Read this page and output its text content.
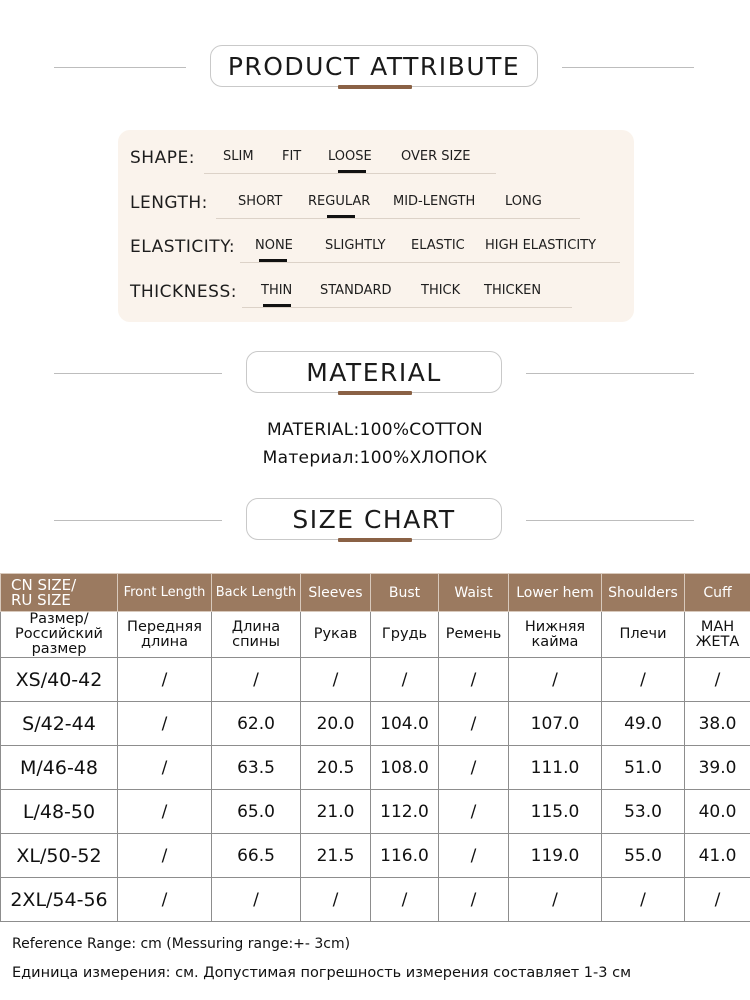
PRODUCT ATTRIBUTE
SHAPE: SLIM FIT LOOSE OVER SIZE
LENGTH: SHORT REGULAR MID-LENGTH LONG
ELASTICITY: NONE SLIGHTLY ELASTIC HIGH ELASTICITY
THICKNESS: THIN STANDARD THICK THICKEN
MATERIAL
MATERIAL:100%COTTON
Материал:100%ХЛОПОК
SIZE CHART
CN SIZE/
RU SIZE	Front Length	Back Length	Sleeves	Bust	Waist	Lower hem	Shoulders	Cuff
Размер/
Российский
размер	Передняя
длина	Длина
спины	Рукав	Грудь	Ремень	Нижняя
кайма	Плечи	МАН
ЖЕТА
XS/40-42	/	/	/	/	/	/	/	/
S/42-44	/	62.0	20.0	104.0	/	107.0	49.0	38.0
M/46-48	/	63.5	20.5	108.0	/	111.0	51.0	39.0
L/48-50	/	65.0	21.0	112.0	/	115.0	53.0	40.0
XL/50-52	/	66.5	21.5	116.0	/	119.0	55.0	41.0
2XL/54-56	/	/	/	/	/	/	/	/
Reference Range: cm (Messuring range:+- 3cm)
Единица измерения: см. Допустимая погрешность измерения составляет 1-3 см
